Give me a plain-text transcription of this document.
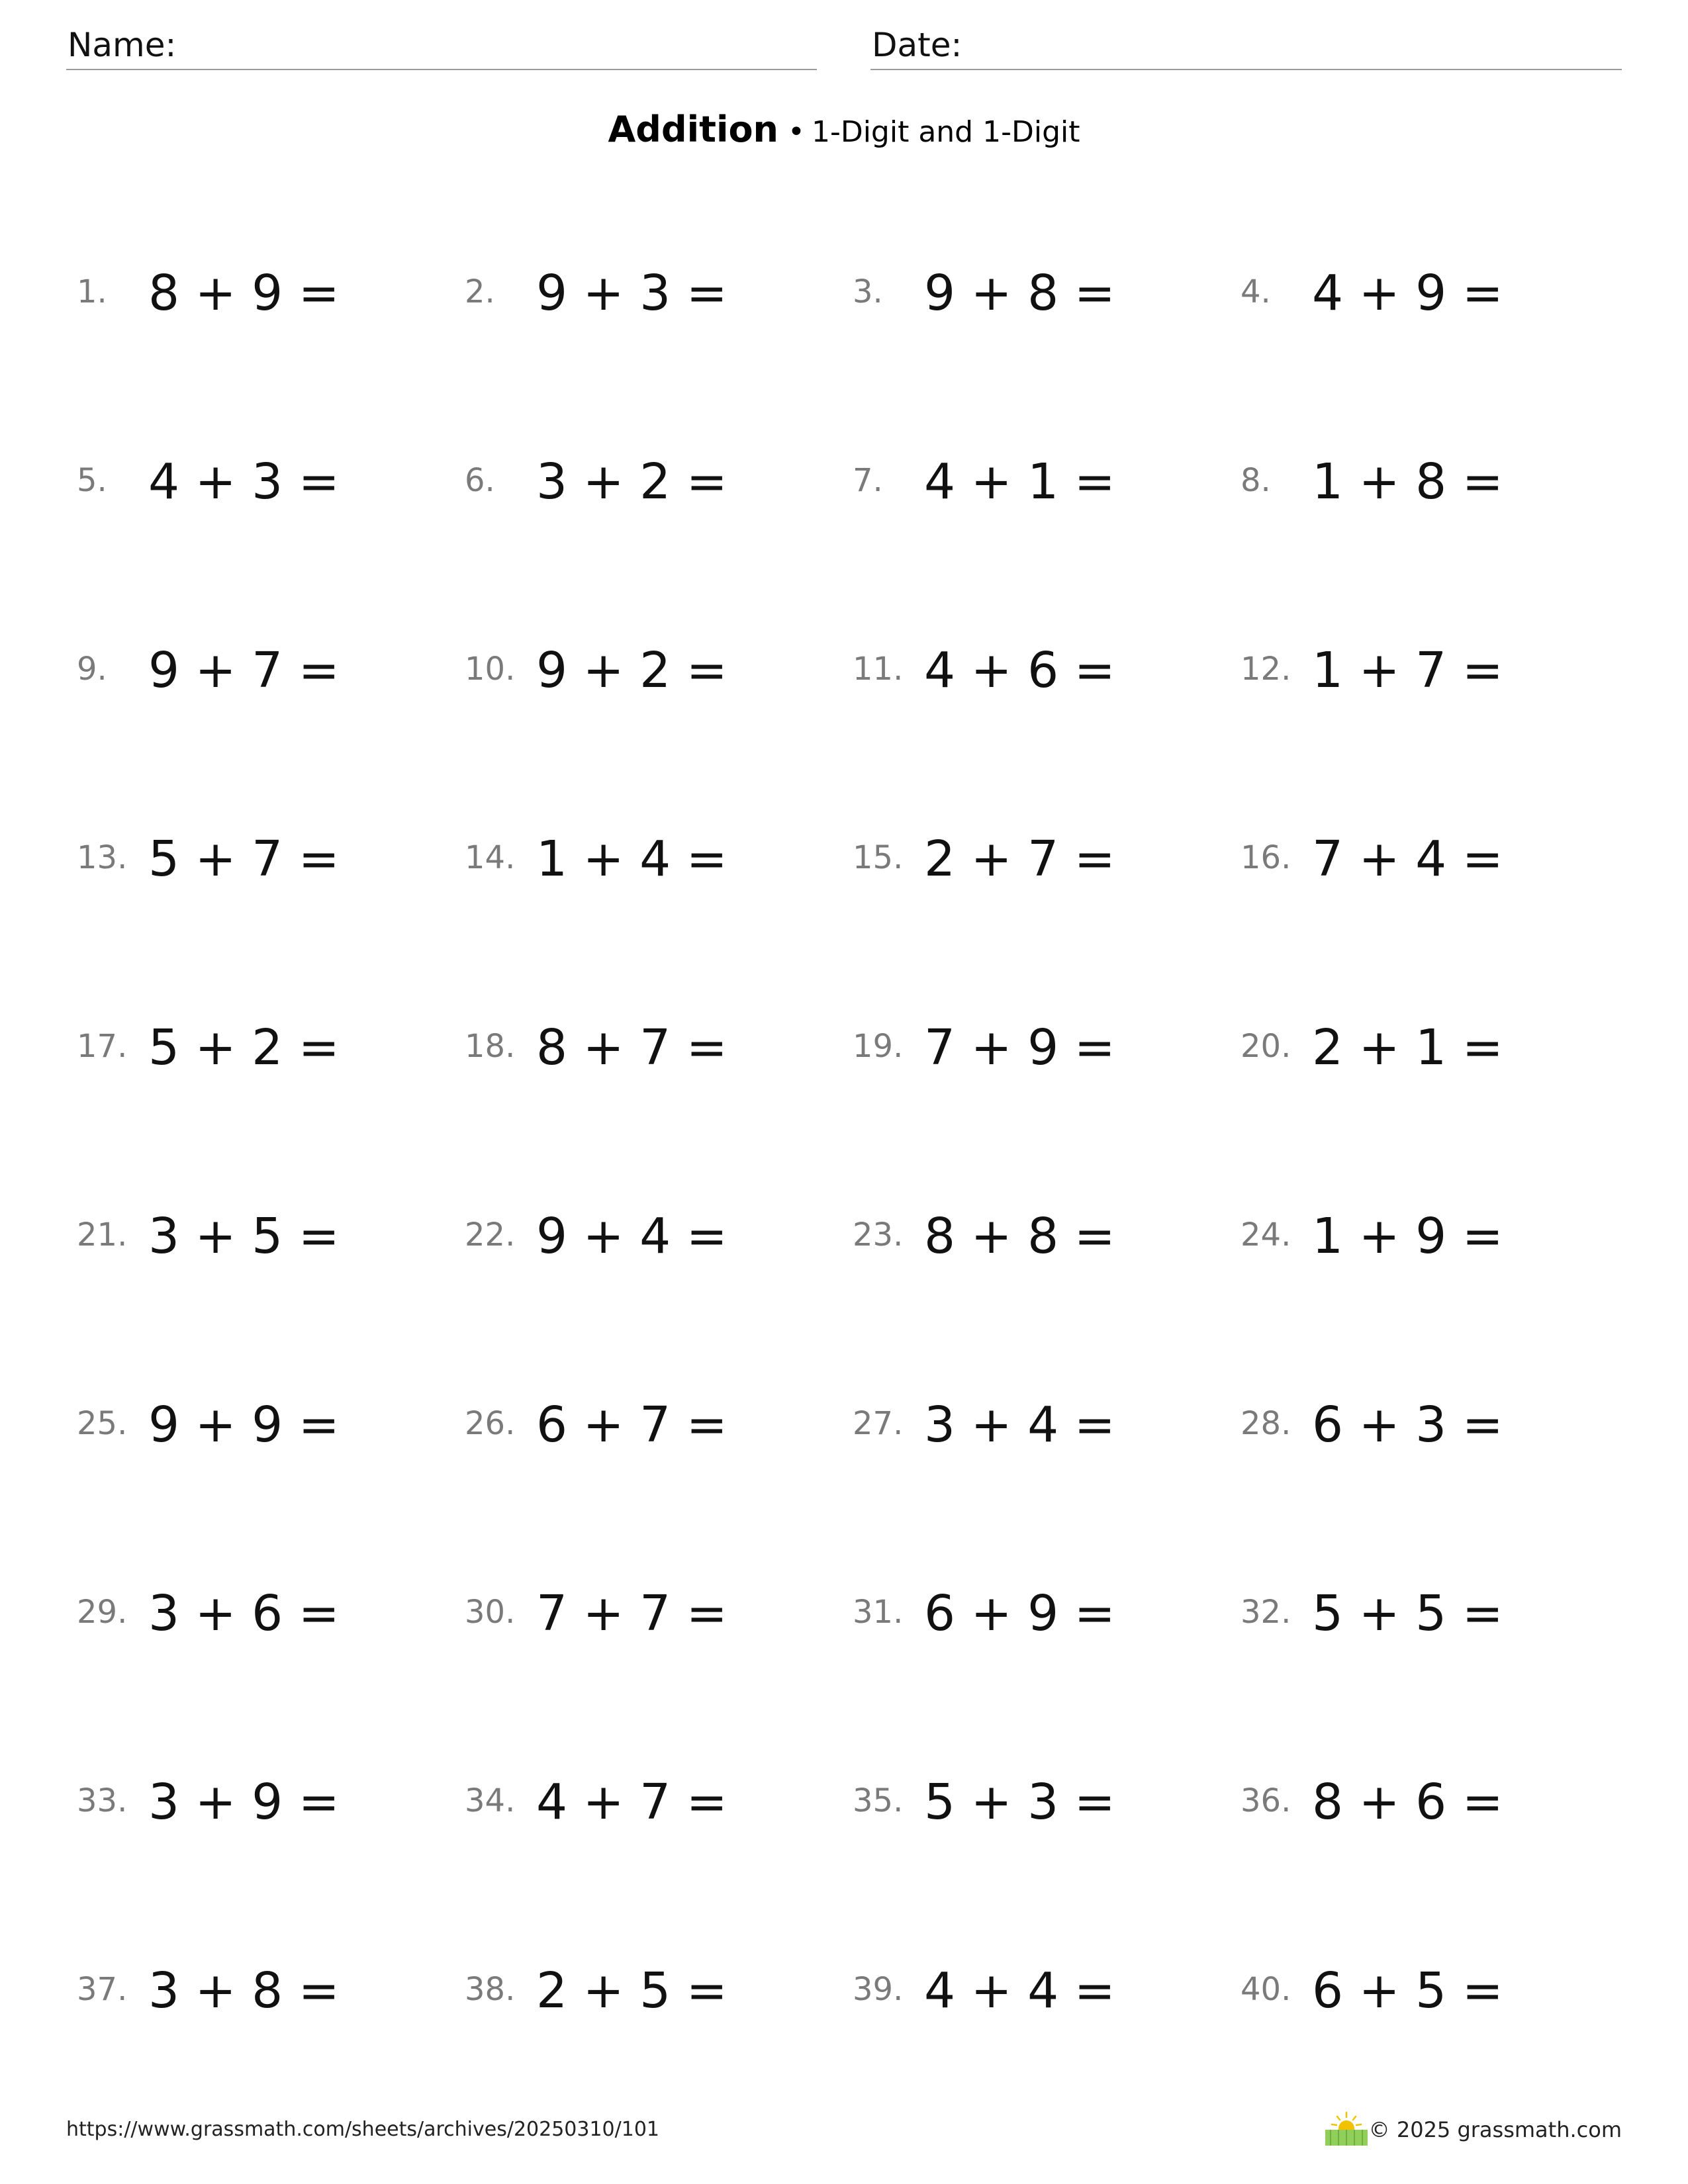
Name:	Date:
Addition • 1-Digit and 1-Digit
1. 8 + 9 =	2. 9 + 3 =	3. 9 + 8 =	4. 4 + 9 =
5. 4 + 3 =	6. 3 + 2 =	7. 4 + 1 =	8. 1 + 8 =
9. 9 + 7 =	10. 9 + 2 =	11. 4 + 6 =	12. 1 + 7 =
13. 5 + 7 =	14. 1 + 4 =	15. 2 + 7 =	16. 7 + 4 =
17. 5 + 2 =	18. 8 + 7 =	19. 7 + 9 =	20. 2 + 1 =
21. 3 + 5 =	22. 9 + 4 =	23. 8 + 8 =	24. 1 + 9 =
25. 9 + 9 =	26. 6 + 7 =	27. 3 + 4 =	28. 6 + 3 =
29. 3 + 6 =	30. 7 + 7 =	31. 6 + 9 =	32. 5 + 5 =
33. 3 + 9 =	34. 4 + 7 =	35. 5 + 3 =	36. 8 + 6 =
37. 3 + 8 =	38. 2 + 5 =	39. 4 + 4 =	40. 6 + 5 =
https://www.grassmath.com/sheets/archives/20250310/101	© 2025 grassmath.com
